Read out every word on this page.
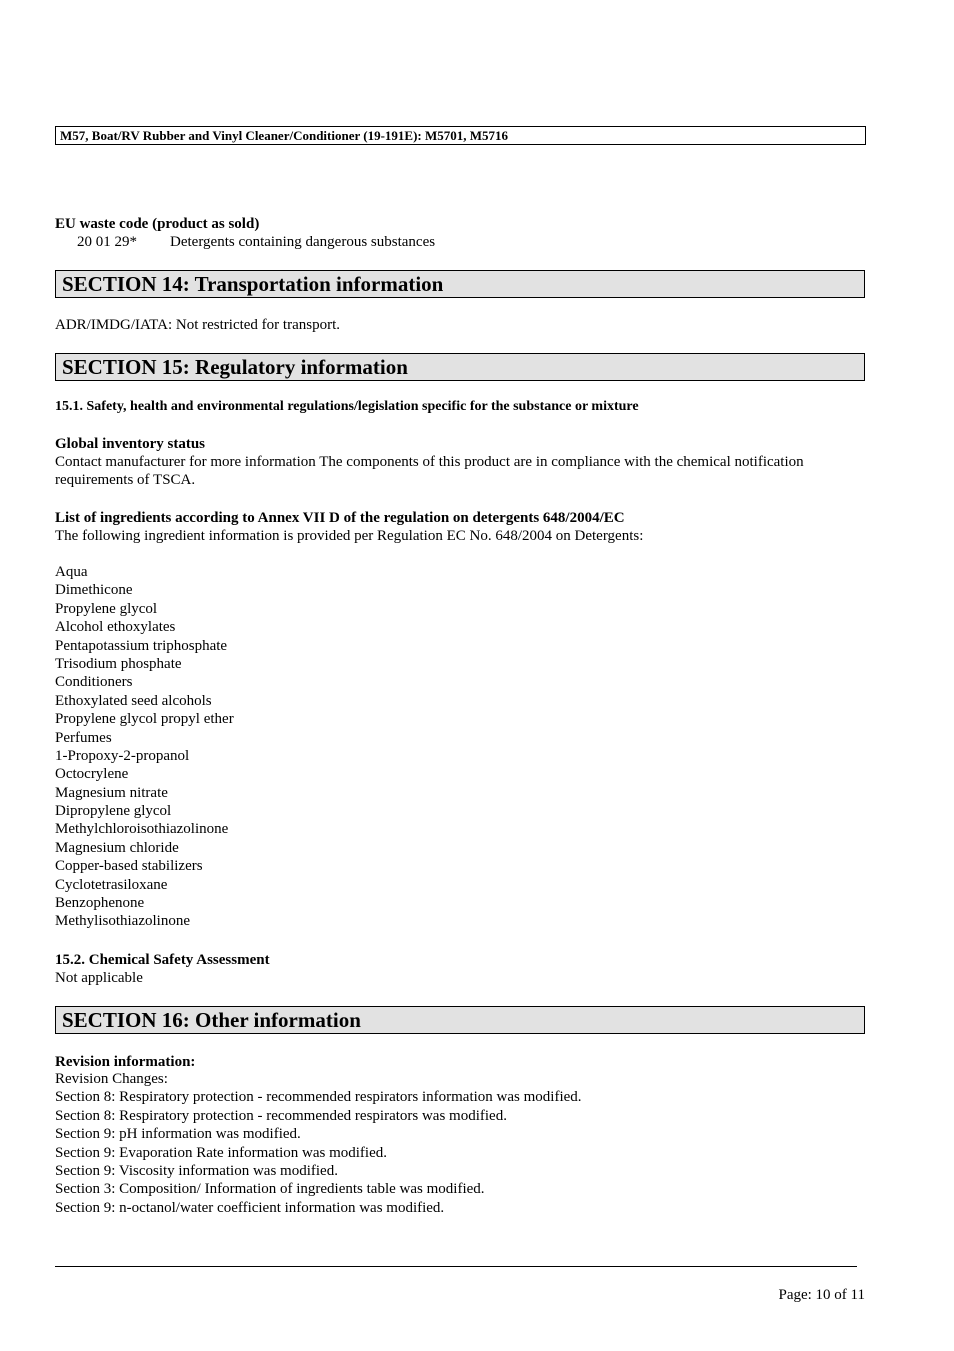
M57, Boat/RV Rubber and Vinyl Cleaner/Conditioner (19-191E): M5701, M5716
EU waste code (product as sold)
20 01 29* Detergents containing dangerous substances
SECTION 14: Transportation information
ADR/IMDG/IATA: Not restricted for transport.
SECTION 15: Regulatory information
15.1. Safety, health and environmental regulations/legislation specific for the substance or mixture
Global inventory status
Contact manufacturer for more information The components of this product are in compliance with the chemical notification
requirements of TSCA.
List of ingredients according to Annex VII D of the regulation on detergents 648/2004/EC
The following ingredient information is provided per Regulation EC No. 648/2004 on Detergents:
Aqua
Dimethicone
Propylene glycol
Alcohol ethoxylates
Pentapotassium triphosphate
Trisodium phosphate
Conditioners
Ethoxylated seed alcohols
Propylene glycol propyl ether
Perfumes
1-Propoxy-2-propanol
Octocrylene
Magnesium nitrate
Dipropylene glycol
Methylchloroisothiazolinone
Magnesium chloride
Copper-based stabilizers
Cyclotetrasiloxane
Benzophenone
Methylisothiazolinone
15.2. Chemical Safety Assessment
Not applicable
SECTION 16: Other information
Revision information:
Revision Changes:
Section 8: Respiratory protection - recommended respirators information was modified.
Section 8: Respiratory protection - recommended respirators was modified.
Section 9: pH information was modified.
Section 9: Evaporation Rate information was modified.
Section 9: Viscosity information was modified.
Section 3: Composition/ Information of ingredients table was modified.
Section 9: n-octanol/water coefficient information was modified.
Page: 10 of 11
